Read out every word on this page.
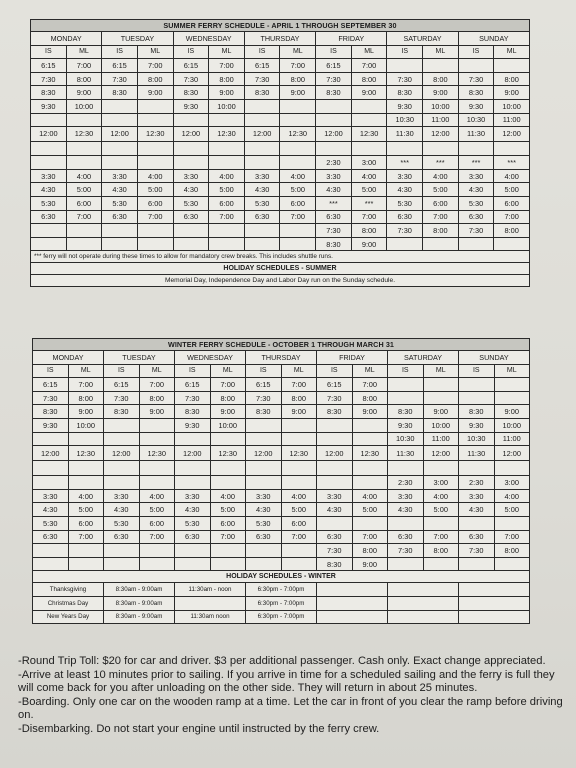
SUMMER FERRY SCHEDULE - APRIL 1 THROUGH SEPTEMBER 30													
MONDAY		TUESDAY		WEDNESDAY		THURSDAY		FRIDAY		SATURDAY		SUNDAY	
IS	ML	IS	ML	IS	ML	IS	ML	IS	ML	IS	ML	IS	ML
6:15	7:00	6:15	7:00	6:15	7:00	6:15	7:00	6:15	7:00				
7:30	8:00	7:30	8:00	7:30	8:00	7:30	8:00	7:30	8:00	7:30	8:00	7:30	8:00
8:30	9:00	8:30	9:00	8:30	9:00	8:30	9:00	8:30	9:00	8:30	9:00	8:30	9:00
9:30	10:00			9:30	10:00					9:30	10:00	9:30	10:00
										10:30	11:00	10:30	11:00
12:00	12:30	12:00	12:30	12:00	12:30	12:00	12:30	12:00	12:30	11:30	12:00	11:30	12:00

								2:30	3:00	***	***	***	***
3:30	4:00	3:30	4:00	3:30	4:00	3:30	4:00	3:30	4:00	3:30	4:00	3:30	4:00
4:30	5:00	4:30	5:00	4:30	5:00	4:30	5:00	4:30	5:00	4:30	5:00	4:30	5:00
5:30	6:00	5:30	6:00	5:30	6:00	5:30	6:00	***	***	5:30	6:00	5:30	6:00
6:30	7:00	6:30	7:00	6:30	7:00	6:30	7:00	6:30	7:00	6:30	7:00	6:30	7:00
								7:30	8:00	7:30	8:00	7:30	8:00
								8:30	9:00				
*** ferry will not operate during these times to allow for mandatory crew breaks. This includes shuttle runs.													
HOLIDAY SCHEDULES - SUMMER													
Memorial Day, Independence Day and Labor Day run on the Sunday schedule.													
WINTER FERRY SCHEDULE - OCTOBER 1 THROUGH MARCH 31													
MONDAY		TUESDAY		WEDNESDAY		THURSDAY		FRIDAY		SATURDAY		SUNDAY	
IS	ML	IS	ML	IS	ML	IS	ML	IS	ML	IS	ML	IS	ML
6:15	7:00	6:15	7:00	6:15	7:00	6:15	7:00	6:15	7:00				
7:30	8:00	7:30	8:00	7:30	8:00	7:30	8:00	7:30	8:00				
8:30	9:00	8:30	9:00	8:30	9:00	8:30	9:00	8:30	9:00	8:30	9:00	8:30	9:00
9:30	10:00			9:30	10:00					9:30	10:00	9:30	10:00
										10:30	11:00	10:30	11:00
12:00	12:30	12:00	12:30	12:00	12:30	12:00	12:30	12:00	12:30	11:30	12:00	11:30	12:00

										2:30	3:00	2:30	3:00
3:30	4:00	3:30	4:00	3:30	4:00	3:30	4:00	3:30	4:00	3:30	4:00	3:30	4:00
4:30	5:00	4:30	5:00	4:30	5:00	4:30	5:00	4:30	5:00	4:30	5:00	4:30	5:00
5:30	6:00	5:30	6:00	5:30	6:00	5:30	6:00						
6:30	7:00	6:30	7:00	6:30	7:00	6:30	7:00	6:30	7:00	6:30	7:00	6:30	7:00
								7:30	8:00	7:30	8:00	7:30	8:00
								8:30	9:00				
HOLIDAY SCHEDULES - WINTER													
Thanksgiving		8:30am - 9:00am		11:30am - noon		6:30pm - 7:00pm							
Christmas Day		8:30am - 9:00am				6:30pm - 7:00pm							
New Years Day		8:30am - 9:00am		11:30am noon		6:30pm - 7:00pm							
-Round Trip Toll: $20 for car and driver. $3 per additional passenger. Cash only. Exact change appreciated.
-Arrive at least 10 minutes prior to sailing. If you arrive in time for a scheduled sailing and the ferry is full they will come back for you after unloading on the other side. They will return in about 25 minutes.
-Boarding. Only one car on the wooden ramp at a time. Let the car in front of you clear the ramp before driving on.
-Disembarking. Do not start your engine until instructed by the ferry crew.
